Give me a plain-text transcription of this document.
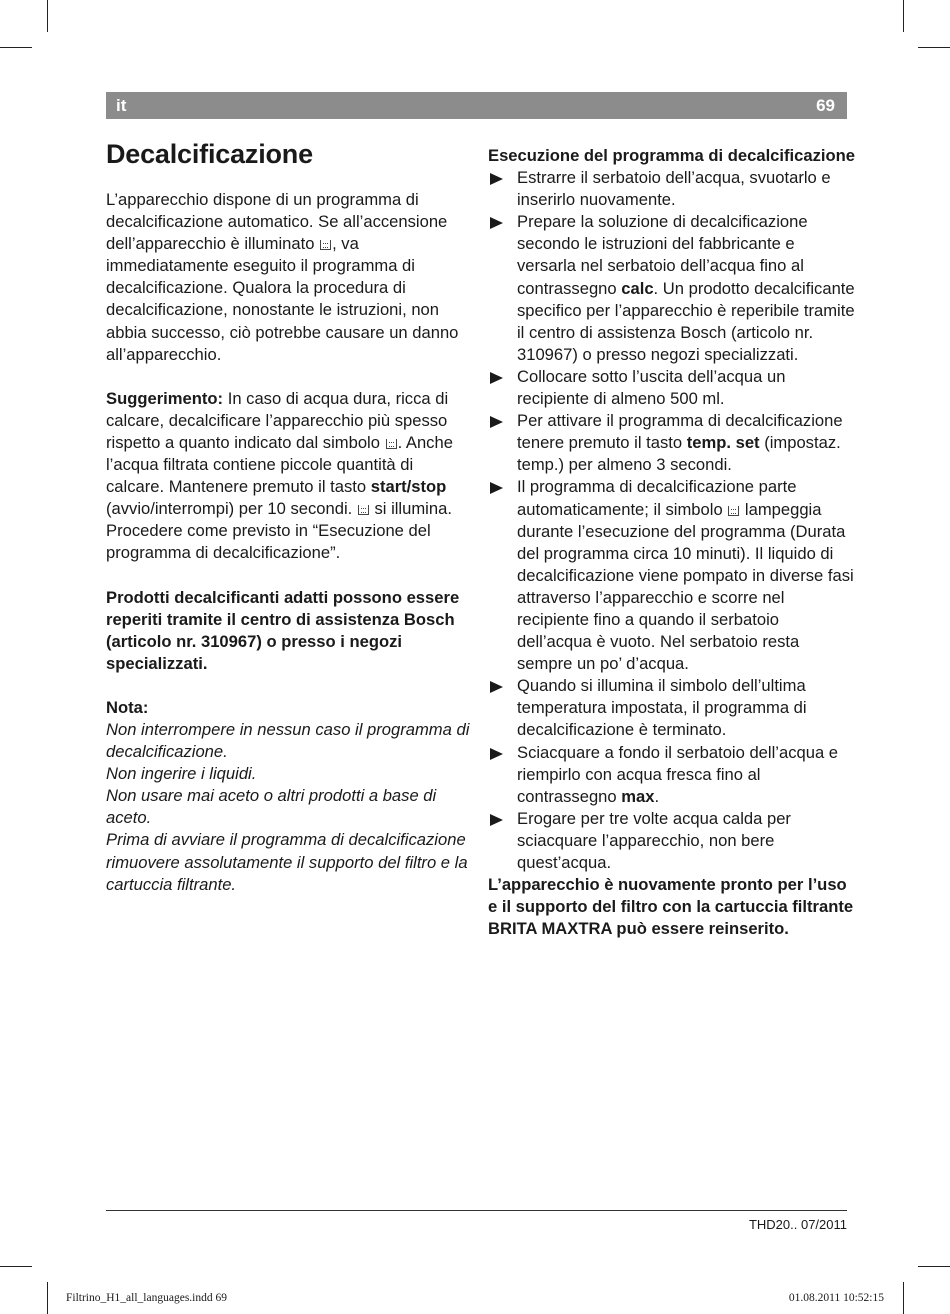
it	69
Decalcificazione

L’apparecchio dispone di un programma di decalcificazione automatico. Se all’accensione dell’apparecchio è illuminato , va immediatamente eseguito il programma di decalcificazione. Qualora la procedura di decalcificazione, nonostante le istruzioni, non abbia successo, ciò potrebbe causare un danno all’apparecchio.

Suggerimento: In caso di acqua dura, ricca di calcare, decalcificare l’apparecchio più spesso rispetto a quanto indicato dal simbolo . Anche l’acqua filtrata contiene piccole quantità di calcare. Mantenere premuto il tasto start/stop (avvio/interrompi) per 10 secondi.  si illumina. Procedere come previsto in “Esecuzione del programma di decalcificazione”.

Prodotti decalcificanti adatti possono essere reperiti tramite il centro di assistenza Bosch (articolo nr. 310967) o presso i negozi specializzati.

Nota:

Non interrompere in nessun caso il programma di decalcificazione.

Non ingerire i liquidi.

Non usare mai aceto o altri prodotti a base di aceto.

Prima di avviare il programma di decalcificazione rimuovere assolutamente il supporto del filtro e la cartuccia filtrante.

Esecuzione del programma di decalcificazione

Estrarre il serbatoio dell’acqua, svuotarlo e inserirlo nuovamente.
Prepare la soluzione di decalcificazione secondo le istruzioni del fabbricante e versarla nel serbatoio dell’acqua fino al contrassegno calc. Un prodotto decalcificante specifico per l’apparecchio è reperibile tramite il centro di assistenza Bosch (articolo nr. 310967) o presso negozi specializzati.
Collocare sotto l’uscita dell’acqua un recipiente di almeno 500 ml.
Per attivare il programma di decalcificazione tenere premuto il tasto temp. set (impostaz. temp.) per almeno 3 secondi.
Il programma di decalcificazione parte automaticamente; il simbolo  lampeggia durante l’esecuzione del programma (Durata del programma circa 10 minuti). Il liquido di decalcificazione viene pompato in diverse fasi attraverso l’apparecchio e scorre nel recipiente fino a quando il serbatoio dell’acqua è vuoto. Nel serbatoio resta sempre un po’ d’acqua.
Quando si illumina il simbolo dell’ultima temperatura impostata, il programma di decalcificazione è terminato.
Sciacquare a fondo il serbatoio dell’acqua e riempirlo con acqua fresca fino al contrassegno max.
Erogare per tre volte acqua calda per sciacquare l’apparecchio, non bere quest’acqua.

L’apparecchio è nuovamente pronto per l’uso e il supporto del filtro con la cartuccia filtrante BRITA MAXTRA può essere reinserito.

THD20.. 07/2011
Filtrino_H1_all_languages.indd 69	01.08.2011 10:52:15
